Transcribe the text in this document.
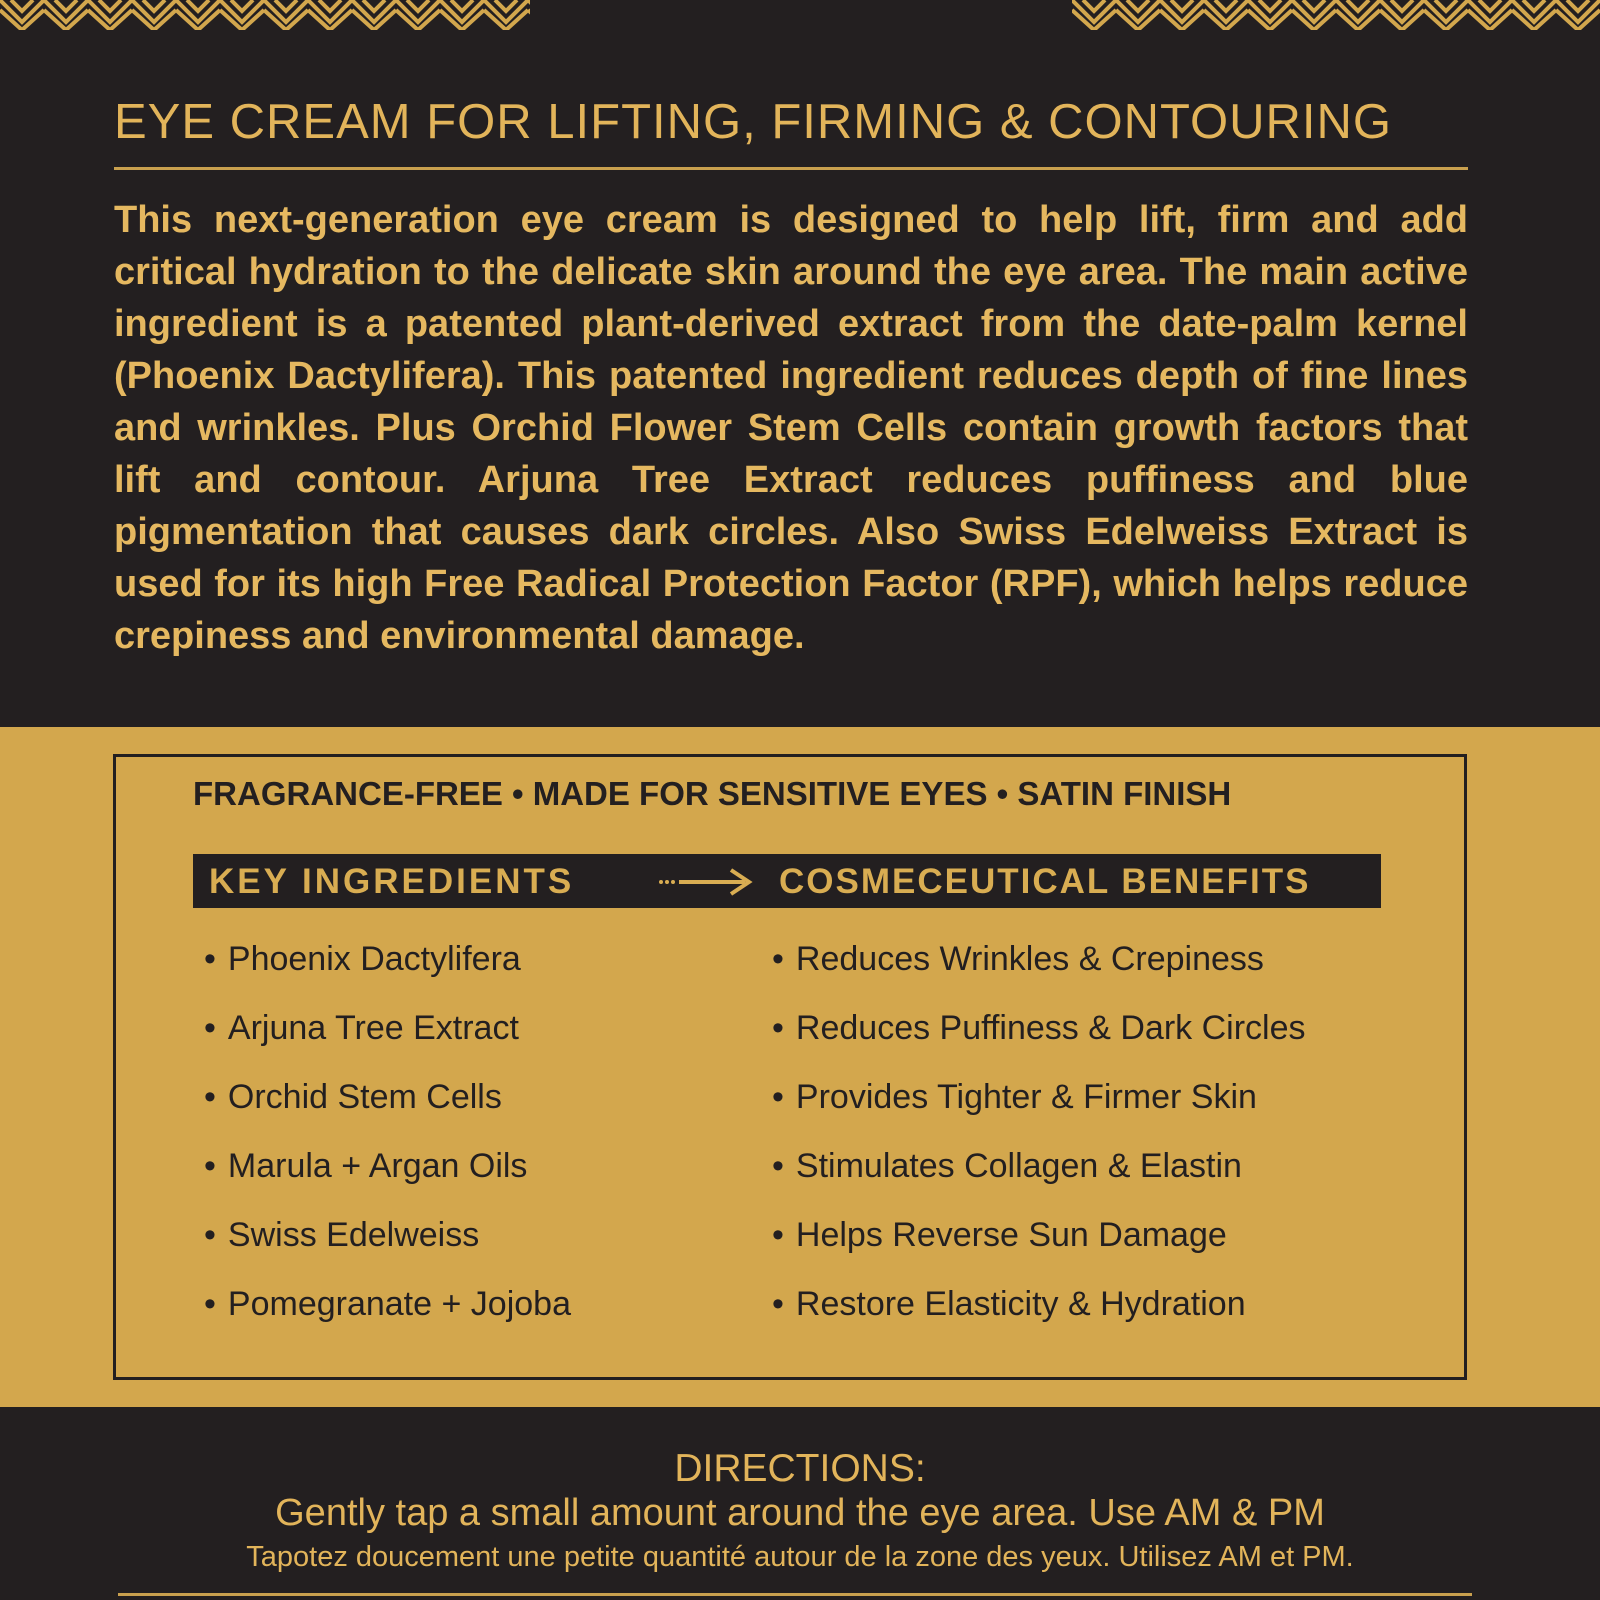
EYE CREAM FOR LIFTING, FIRMING & CONTOURING
This next-generation eye cream is designed to help lift, firm and add critical hydration to the delicate skin around the eye area. The main active ingredient is a patented plant-derived extract from the date-palm kernel (Phoenix Dactylifera). This patented ingredient reduces depth of fine lines and wrinkles. Plus Orchid Flower Stem Cells contain growth factors that lift and contour. Arjuna Tree Extract reduces puffiness and blue pigmentation that causes dark circles. Also Swiss Edelweiss Extract is used for its high Free Radical Protection Factor (RPF), which helps reduce crepiness and environmental damage.
FRAGRANCE-FREE • MADE FOR SENSITIVE EYES • SATIN FINISH
KEY INGREDIENTS	COSMECEUTICAL BENEFITS
• Phoenix Dactylifera
• Arjuna Tree Extract
• Orchid Stem Cells
• Marula + Argan Oils
• Swiss Edelweiss
• Pomegranate + Jojoba
• Reduces Wrinkles & Crepiness
• Reduces Puffiness & Dark Circles
• Provides Tighter & Firmer Skin
• Stimulates Collagen & Elastin
• Helps Reverse Sun Damage
• Restore Elasticity & Hydration
DIRECTIONS:
Gently tap a small amount around the eye area. Use AM & PM
Tapotez doucement une petite quantité autour de la zone des yeux. Utilisez AM et PM.
